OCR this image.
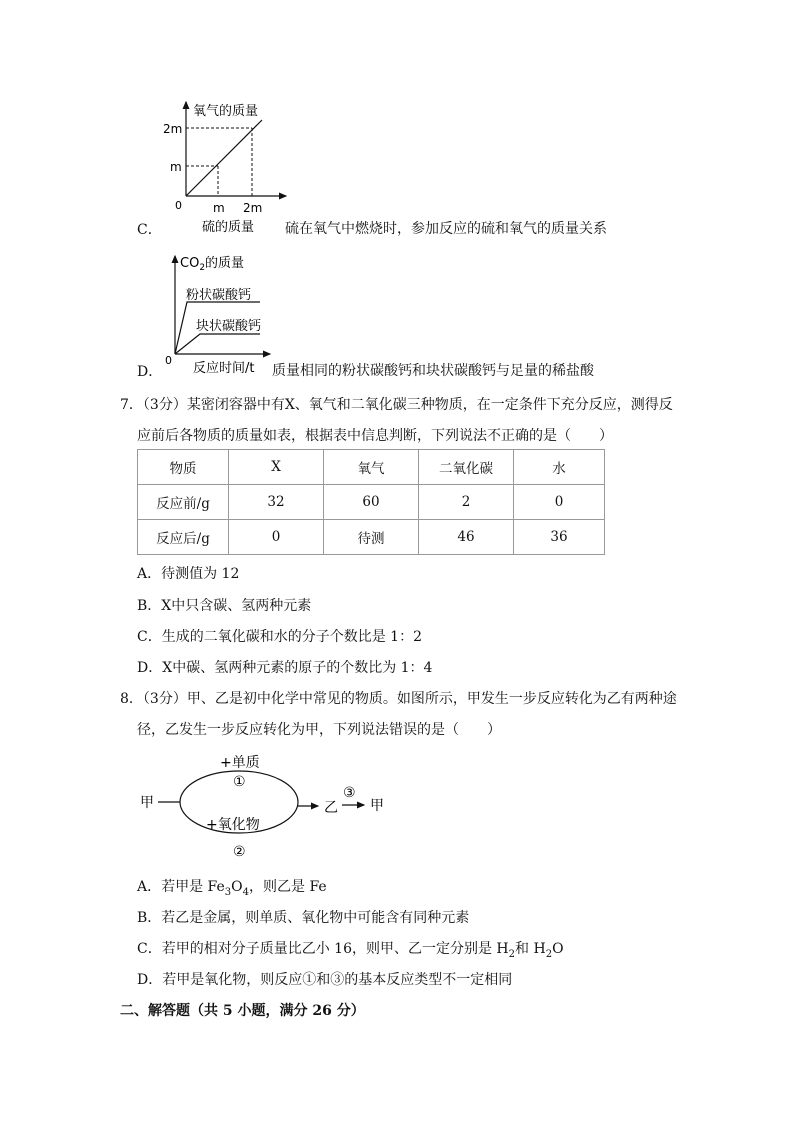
氧气的质量
2m
m
0	m 2m
硫的质量
C．	硫在氧气中燃烧时，参加反应的硫和氧气的质量关系
$CO_2$的质量
粉状碳酸钙
块状碳酸钙
0
反应时间/t
D．	质量相同的粉状碳酸钙和块状碳酸钙与足量的稀盐酸
7．（3分）某密闭容器中有X、氧气和二氧化碳三种物质，在一定条件下充分反应，测得反
应前后各物质的质量如表，根据表中信息判断，下列说法不正确的是（　　）
物质	X	氧气	二氧化碳	水
反应前/g	32	60	2	0
反应后/g	0	待测	46	36
A．待测值为 12
B．X中只含碳、氢两种元素
C．生成的二氧化碳和水的分子个数比是 1：2
D．X中碳、氢两种元素的原子的个数比为 1：4
8．（3分）甲、乙是初中化学中常见的物质。如图所示，甲发生一步反应转化为乙有两种途
径，乙发生一步反应转化为甲，下列说法错误的是（　　）
甲
+单质
①
+氧化物
②
乙
③
甲
A．若甲是 $Fe_3O_4$，则乙是 Fe
B．若乙是金属，则单质、氧化物中可能含有同种元素
C．若甲的相对分子质量比乙小 16，则甲、乙一定分别是 $H_2$和 $H_2O$
D．若甲是氧化物，则反应①和③的基本反应类型不一定相同
二、解答题（共 5 小题，满分 26 分）
